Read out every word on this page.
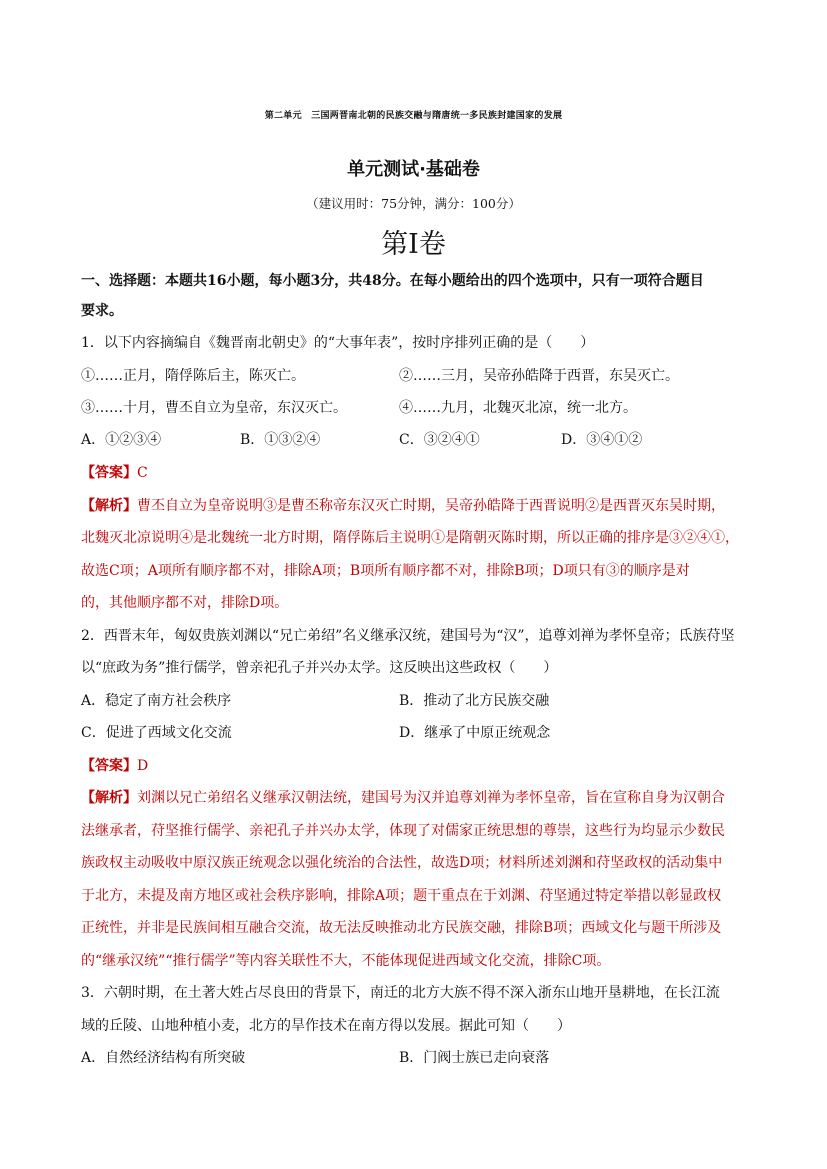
第二单元　三国两晋南北朝的民族交融与隋唐统一多民族封建国家的发展
单元测试·基础卷
（建议用时：75分钟，满分：100分）
第Ⅰ卷
一、选择题：本题共16小题，每小题3分，共48分。在每小题给出的四个选项中，只有一项符合题目
要求。
1．以下内容摘编自《魏晋南北朝史》的“大事年表”，按时序排列正确的是（　　）
①……正月，隋俘陈后主，陈灭亡。	②……三月，吴帝孙皓降于西晋，东吴灭亡。
③……十月，曹丕自立为皇帝，东汉灭亡。	④……九月，北魏灭北凉，统一北方。
A．①②③④	B．①③②④	C．③②④①	D．③④①②
【答案】C
【解析】曹丕自立为皇帝说明③是曹丕称帝东汉灭亡时期，吴帝孙皓降于西晋说明②是西晋灭东吴时期，
北魏灭北凉说明④是北魏统一北方时期，隋俘陈后主说明①是隋朝灭陈时期，所以正确的排序是③②④①，
故选C项；A项所有顺序都不对，排除A项；B项所有顺序都不对，排除B项；D项只有③的顺序是对
的，其他顺序都不对，排除D项。
2．西晋末年，匈奴贵族刘渊以“兄亡弟绍”名义继承汉统，建国号为“汉”，追尊刘禅为孝怀皇帝；氐族苻坚
以“庶政为务”推行儒学，曾亲祀孔子并兴办太学。这反映出这些政权（　　）
A．稳定了南方社会秩序	B．推动了北方民族交融
C．促进了西域文化交流	D．继承了中原正统观念
【答案】D
【解析】刘渊以兄亡弟绍名义继承汉朝法统，建国号为汉并追尊刘禅为孝怀皇帝，旨在宣称自身为汉朝合
法继承者，苻坚推行儒学、亲祀孔子并兴办太学，体现了对儒家正统思想的尊崇，这些行为均显示少数民
族政权主动吸收中原汉族正统观念以强化统治的合法性，故选D项；材料所述刘渊和苻坚政权的活动集中
于北方，未提及南方地区或社会秩序影响，排除A项；题干重点在于刘渊、苻坚通过特定举措以彰显政权
正统性，并非是民族间相互融合交流，故无法反映推动北方民族交融，排除B项；西域文化与题干所涉及
的“继承汉统”“推行儒学”等内容关联性不大，不能体现促进西域文化交流，排除C项。
3．六朝时期，在土著大姓占尽良田的背景下，南迁的北方大族不得不深入浙东山地开垦耕地，在长江流
域的丘陵、山地种植小麦，北方的旱作技术在南方得以发展。据此可知（　　）
A．自然经济结构有所突破	B．门阀士族已走向衰落
